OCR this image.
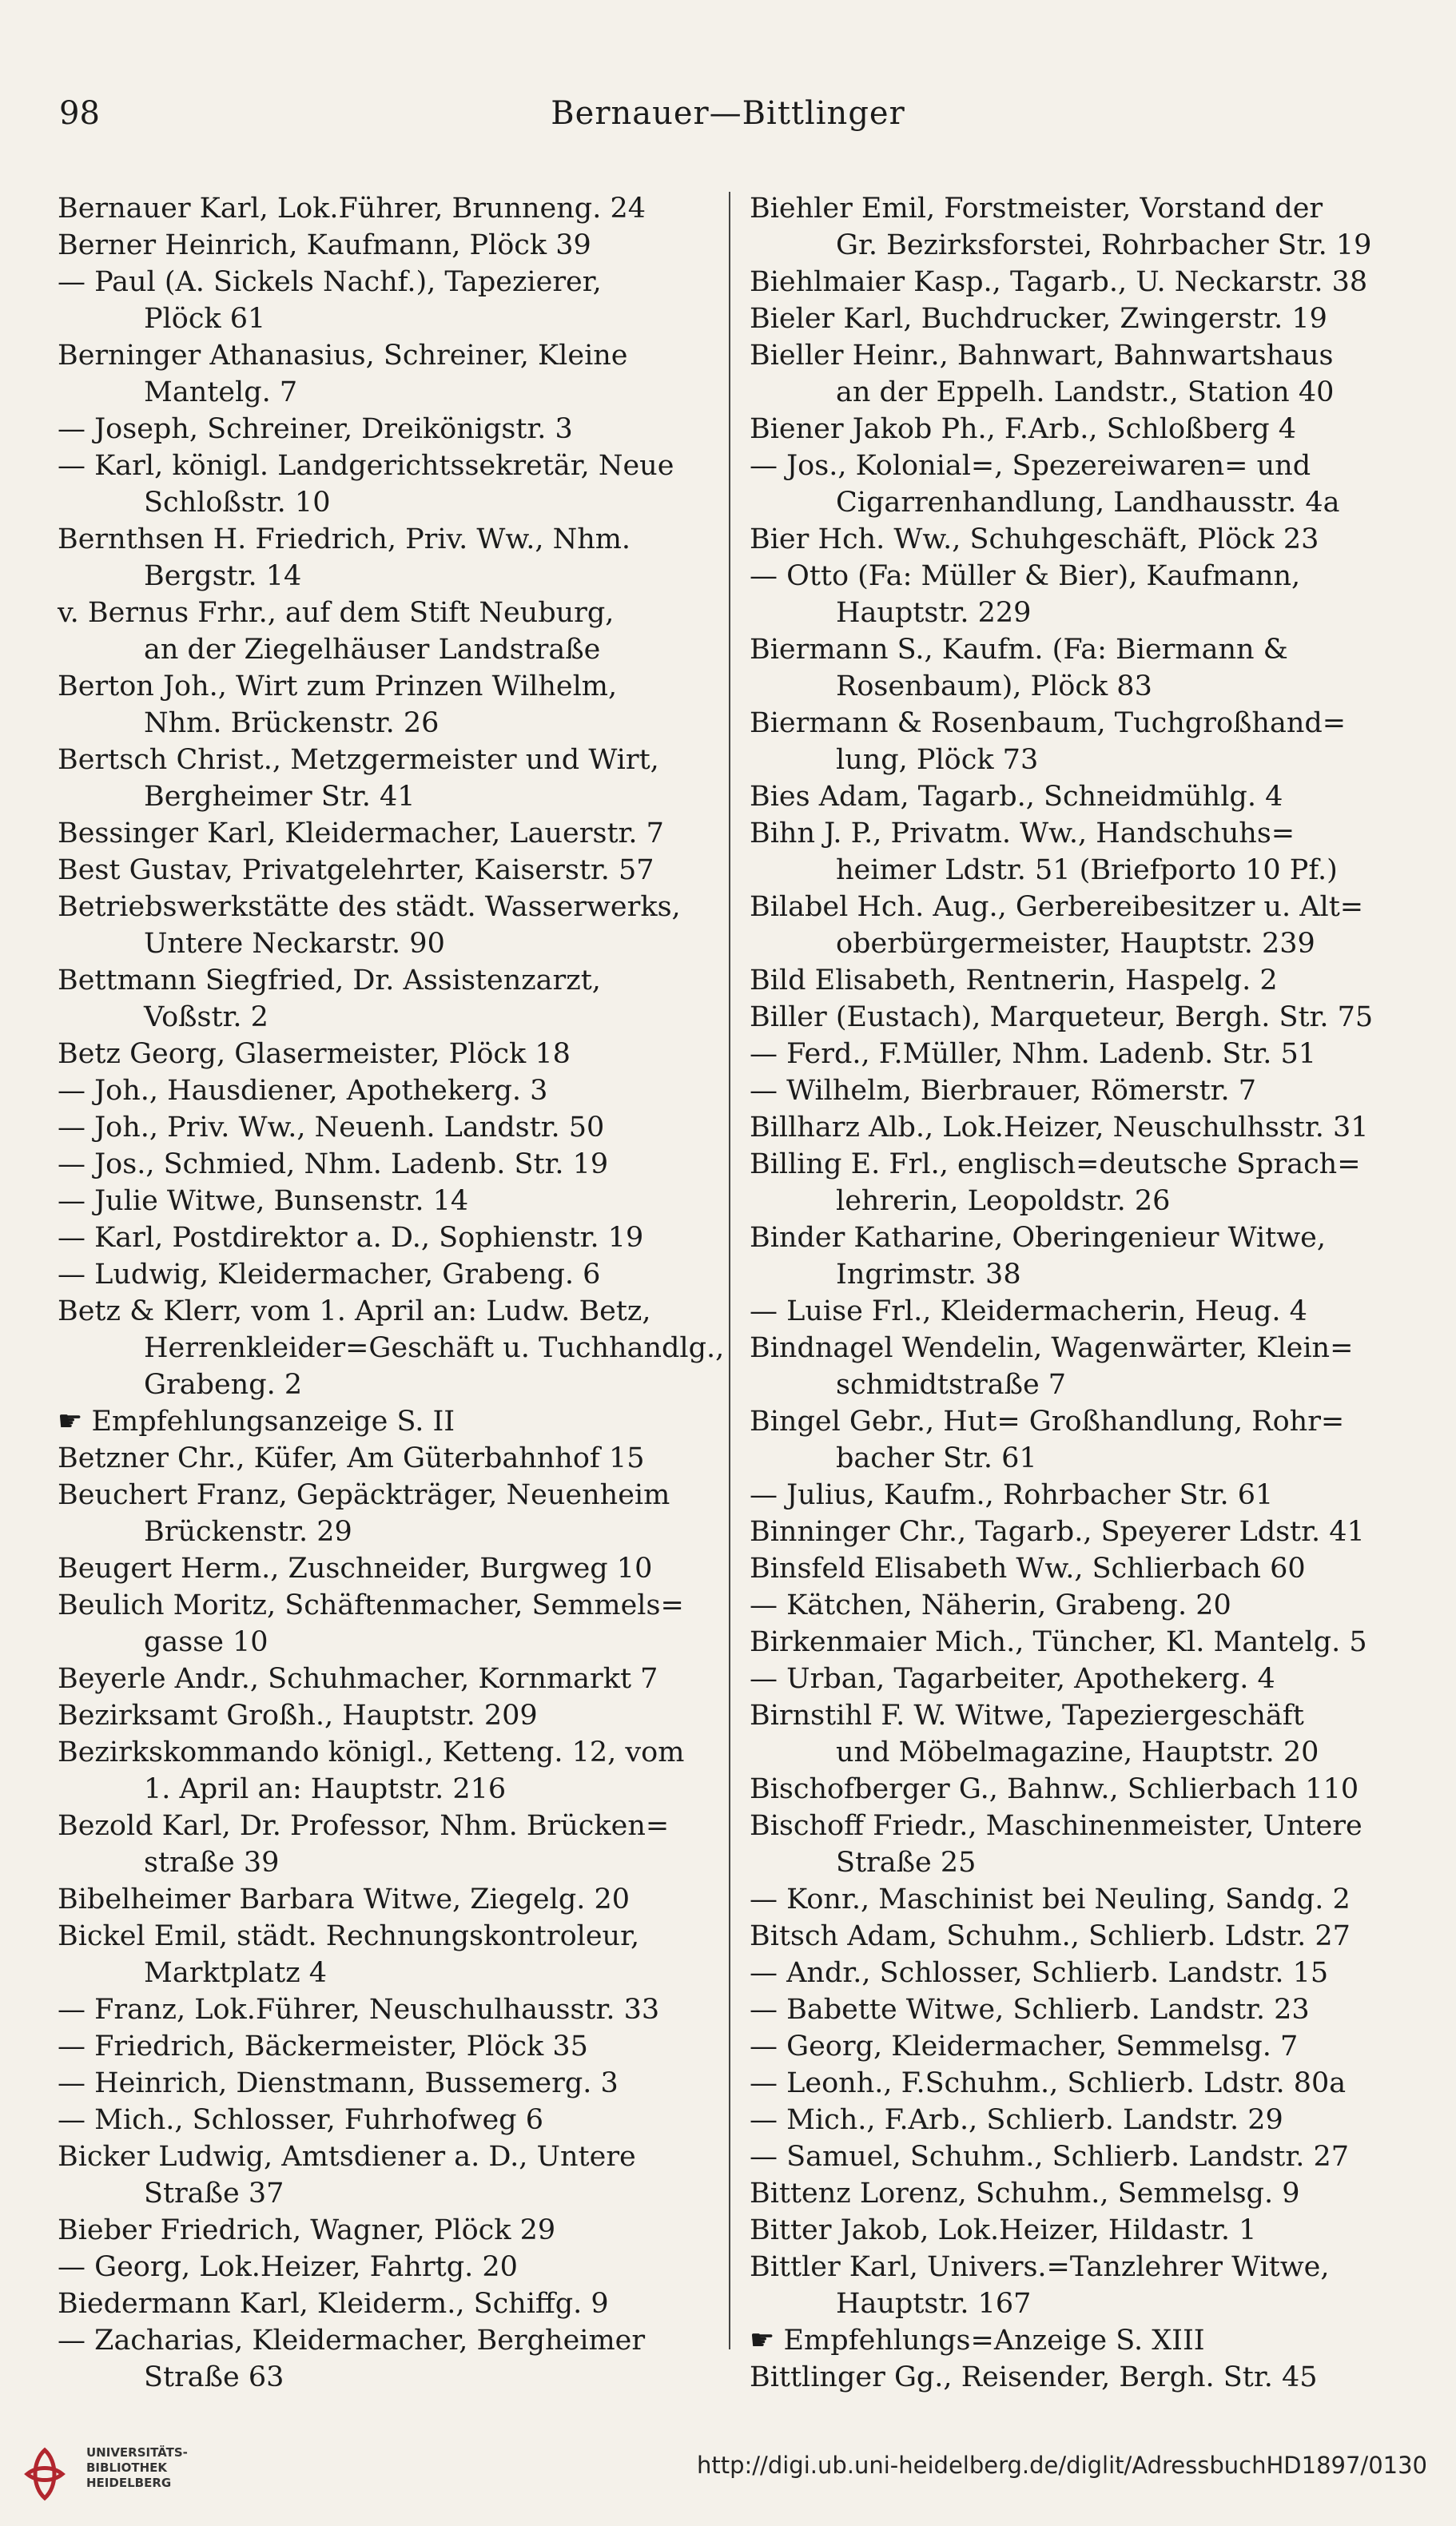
98	Bernauer—Bittlinger
Bernauer Karl, Lok.Führer, Brunneng. 24
Berner Heinrich, Kaufmann, Plöck 39
— Paul (A. Sickels Nachf.), Tapezierer,
Plöck 61
Berninger Athanasius, Schreiner, Kleine
Mantelg. 7
— Joseph, Schreiner, Dreikönigstr. 3
— Karl, königl. Landgerichtssekretär, Neue
Schloßstr. 10
Bernthsen H. Friedrich, Priv. Ww., Nhm.
Bergstr. 14
v. Bernus Frhr., auf dem Stift Neuburg,
an der Ziegelhäuser Landstraße
Berton Joh., Wirt zum Prinzen Wilhelm,
Nhm. Brückenstr. 26
Bertsch Christ., Metzgermeister und Wirt,
Bergheimer Str. 41
Bessinger Karl, Kleidermacher, Lauerstr. 7
Best Gustav, Privatgelehrter, Kaiserstr. 57
Betriebswerkstätte des städt. Wasserwerks,
Untere Neckarstr. 90
Bettmann Siegfried, Dr. Assistenzarzt,
Voßstr. 2
Betz Georg, Glasermeister, Plöck 18
— Joh., Hausdiener, Apothekerg. 3
— Joh., Priv. Ww., Neuenh. Landstr. 50
— Jos., Schmied, Nhm. Ladenb. Str. 19
— Julie Witwe, Bunsenstr. 14
— Karl, Postdirektor a. D., Sophienstr. 19
— Ludwig, Kleidermacher, Grabeng. 6
Betz & Klerr, vom 1. April an: Ludw. Betz,
Herrenkleider=Geschäft u. Tuchhandlg.,
Grabeng. 2
☛ Empfehlungsanzeige S. II
Betzner Chr., Küfer, Am Güterbahnhof 15
Beuchert Franz, Gepäckträger, Neuenheim
Brückenstr. 29
Beugert Herm., Zuschneider, Burgweg 10
Beulich Moritz, Schäftenmacher, Semmels=
gasse 10
Beyerle Andr., Schuhmacher, Kornmarkt 7
Bezirksamt Großh., Hauptstr. 209
Bezirkskommando königl., Ketteng. 12, vom
1. April an: Hauptstr. 216
Bezold Karl, Dr. Professor, Nhm. Brücken=
straße 39
Bibelheimer Barbara Witwe, Ziegelg. 20
Bickel Emil, städt. Rechnungskontroleur,
Marktplatz 4
— Franz, Lok.Führer, Neuschulhausstr. 33
— Friedrich, Bäckermeister, Plöck 35
— Heinrich, Dienstmann, Bussemerg. 3
— Mich., Schlosser, Fuhrhofweg 6
Bicker Ludwig, Amtsdiener a. D., Untere
Straße 37
Bieber Friedrich, Wagner, Plöck 29
— Georg, Lok.Heizer, Fahrtg. 20
Biedermann Karl, Kleiderm., Schiffg. 9
— Zacharias, Kleidermacher, Bergheimer
Straße 63
Biehler Emil, Forstmeister, Vorstand der
Gr. Bezirksforstei, Rohrbacher Str. 19
Biehlmaier Kasp., Tagarb., U. Neckarstr. 38
Bieler Karl, Buchdrucker, Zwingerstr. 19
Bieller Heinr., Bahnwart, Bahnwartshaus
an der Eppelh. Landstr., Station 40
Biener Jakob Ph., F.Arb., Schloßberg 4
— Jos., Kolonial=, Spezereiwaren= und
Cigarrenhandlung, Landhausstr. 4a
Bier Hch. Ww., Schuhgeschäft, Plöck 23
— Otto (Fa: Müller & Bier), Kaufmann,
Hauptstr. 229
Biermann S., Kaufm. (Fa: Biermann &
Rosenbaum), Plöck 83
Biermann & Rosenbaum, Tuchgroßhand=
lung, Plöck 73
Bies Adam, Tagarb., Schneidmühlg. 4
Bihn J. P., Privatm. Ww., Handschuhs=
heimer Ldstr. 51 (Briefporto 10 Pf.)
Bilabel Hch. Aug., Gerbereibesitzer u. Alt=
oberbürgermeister, Hauptstr. 239
Bild Elisabeth, Rentnerin, Haspelg. 2
Biller (Eustach), Marqueteur, Bergh. Str. 75
— Ferd., F.Müller, Nhm. Ladenb. Str. 51
— Wilhelm, Bierbrauer, Römerstr. 7
Billharz Alb., Lok.Heizer, Neuschulhsstr. 31
Billing E. Frl., englisch=deutsche Sprach=
lehrerin, Leopoldstr. 26
Binder Katharine, Oberingenieur Witwe,
Ingrimstr. 38
— Luise Frl., Kleidermacherin, Heug. 4
Bindnagel Wendelin, Wagenwärter, Klein=
schmidtstraße 7
Bingel Gebr., Hut= Großhandlung, Rohr=
bacher Str. 61
— Julius, Kaufm., Rohrbacher Str. 61
Binninger Chr., Tagarb., Speyerer Ldstr. 41
Binsfeld Elisabeth Ww., Schlierbach 60
— Kätchen, Näherin, Grabeng. 20
Birkenmaier Mich., Tüncher, Kl. Mantelg. 5
— Urban, Tagarbeiter, Apothekerg. 4
Birnstihl F. W. Witwe, Tapeziergeschäft
und Möbelmagazine, Hauptstr. 20
Bischofberger G., Bahnw., Schlierbach 110
Bischoff Friedr., Maschinenmeister, Untere
Straße 25
— Konr., Maschinist bei Neuling, Sandg. 2
Bitsch Adam, Schuhm., Schlierb. Ldstr. 27
— Andr., Schlosser, Schlierb. Landstr. 15
— Babette Witwe, Schlierb. Landstr. 23
— Georg, Kleidermacher, Semmelsg. 7
— Leonh., F.Schuhm., Schlierb. Ldstr. 80a
— Mich., F.Arb., Schlierb. Landstr. 29
— Samuel, Schuhm., Schlierb. Landstr. 27
Bittenz Lorenz, Schuhm., Semmelsg. 9
Bitter Jakob, Lok.Heizer, Hildastr. 1
Bittler Karl, Univers.=Tanzlehrer Witwe,
Hauptstr. 167
☛ Empfehlungs=Anzeige S. XIII
Bittlinger Gg., Reisender, Bergh. Str. 45
UNIVERSITÄTS-
BIBLIOTHEK
HEIDELBERG
http://digi.ub.uni-heidelberg.de/diglit/AdressbuchHD1897/0130
